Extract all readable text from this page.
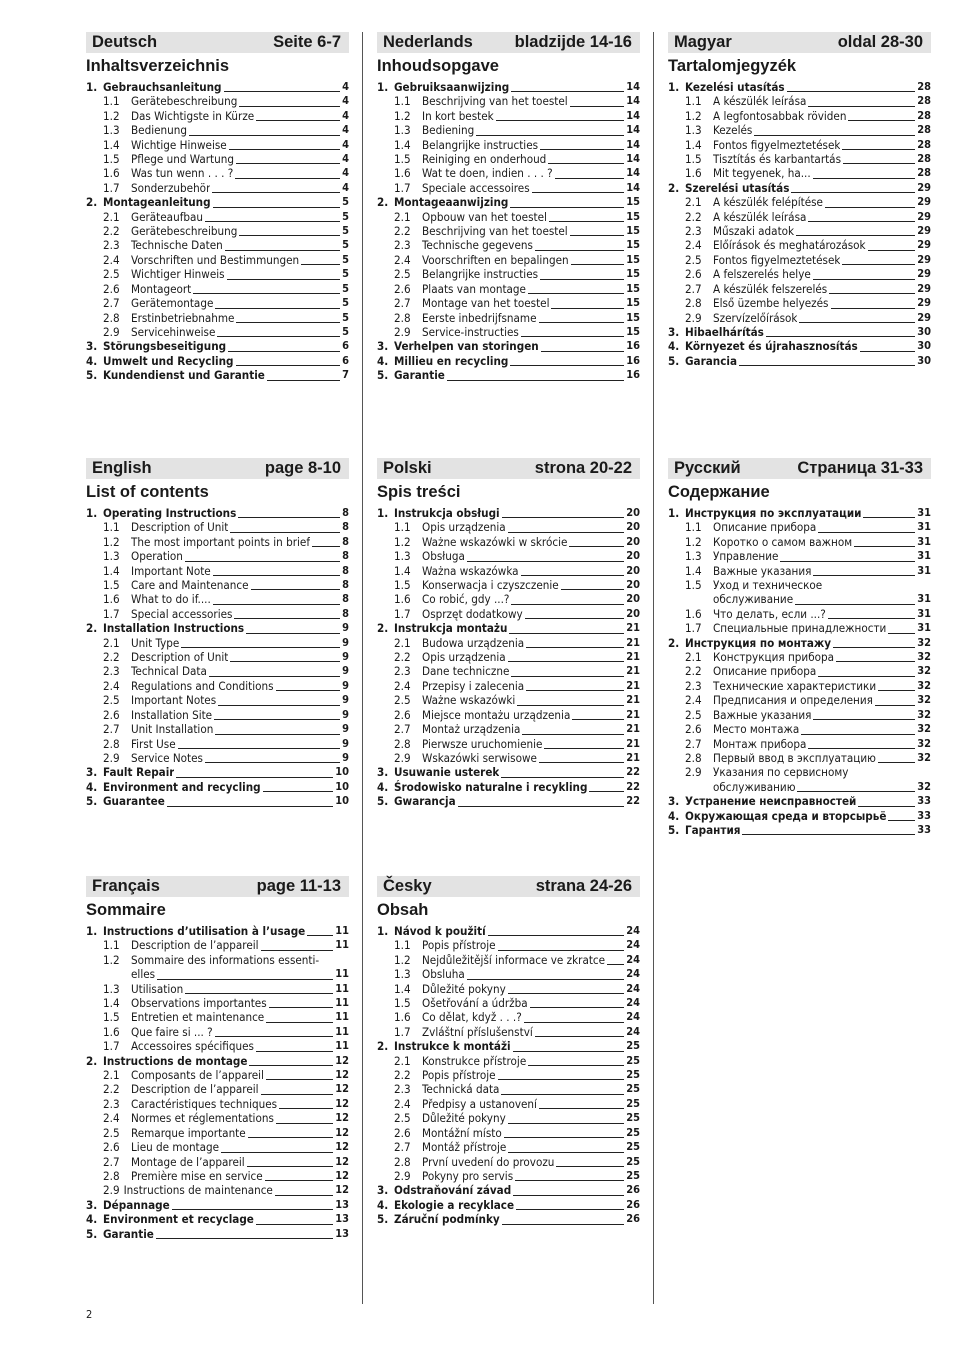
Deutsch	Seite 6-7
Inhaltsverzeichnis
1. Gebrauchsanleitung	4
1.1 Gerätebeschreibung	4
1.2 Das Wichtigste in Kürze	4
1.3 Bedienung	4
1.4 Wichtige Hinweise	4
1.5 Pflege und Wartung	4
1.6 Was tun wenn . . . ?	4
1.7 Sonderzubehör	4
2. Montageanleitung	5
2.1 Geräteaufbau	5
2.2 Gerätebeschreibung	5
2.3 Technische Daten	5
2.4 Vorschriften und Bestimmungen	5
2.5 Wichtiger Hinweis	5
2.6 Montageort	5
2.7 Gerätemontage	5
2.8 Erstinbetriebnahme	5
2.9 Servicehinweise	5
3. Störungsbeseitigung	6
4. Umwelt und Recycling	6
5. Kundendienst und Garantie	7
Nederlands	bladzijde 14-16
Inhoudsopgave
1. Gebruiksaanwijzing	14
1.1 Beschrijving van het toestel	14
1.2 In kort bestek	14
1.3 Bediening	14
1.4 Belangrijke instructies	14
1.5 Reiniging en onderhoud	14
1.6 Wat te doen, indien . . . ?	14
1.7 Speciale accessoires	14
2. Montageaanwijzing	15
2.1 Opbouw van het toestel	15
2.2 Beschrijving van het toestel	15
2.3 Technische gegevens	15
2.4 Voorschriften en bepalingen	15
2.5 Belangrijke instructies	15
2.6 Plaats van montage	15
2.7 Montage van het toestel	15
2.8 Eerste inbedrijfsname	15
2.9 Service-instructies	15
3. Verhelpen van storingen	16
4. Millieu en recycling	16
5. Garantie	16
Magyar	oldal 28-30
Tartalomjegyzék
1. Kezelési utasítás	28
1.1 A készülék leírása	28
1.2 A legfontosabbak röviden	28
1.3 Kezelés	28
1.4 Fontos figyelmeztetések	28
1.5 Tisztítás és karbantartás	28
1.6 Mit tegyenek, ha...	28
2. Szerelési utasítás	29
2.1 A készülék felépítése	29
2.2 A készülék leírása	29
2.3 Műszaki adatok	29
2.4 Előírások és meghatározások	29
2.5 Fontos figyelmeztetések	29
2.6 A felszerelés helye	29
2.7 A készülék felszerelés	29
2.8 Első üzembe helyezés	29
2.9 Szervízelőírások	29
3. Hibaelhárítás	30
4. Környezet és újrahasznosítás	30
5. Garancia	30
English	page 8-10
List of contents
1. Operating Instructions	8
1.1 Description of Unit	8
1.2 The most important points in brief	8
1.3 Operation	8
1.4 Important Note	8
1.5 Care and Maintenance	8
1.6 What to do if....	8
1.7 Special accessories	8
2. Installation Instructions	9
2.1 Unit Type	9
2.2 Description of Unit	9
2.3 Technical Data	9
2.4 Regulations and Conditions	9
2.5 Important Notes	9
2.6 Installation Site	9
2.7 Unit Installation	9
2.8 First Use	9
2.9 Service Notes	9
3. Fault Repair	10
4. Environment and recycling	10
5. Guarantee	10
Polski	strona 20-22
Spis treści
1. Instrukcja obsługi	20
1.1 Opis urządzenia	20
1.2 Ważne wskazówki w skrócie	20
1.3 Obsługa	20
1.4 Ważna wskazówka	20
1.5 Konserwacja i czyszczenie	20
1.6 Co robić, gdy ...?	20
1.7 Osprzęt dodatkowy	20
2. Instrukcja montażu	21
2.1 Budowa urządzenia	21
2.2 Opis urządzenia	21
2.3 Dane techniczne	21
2.4 Przepisy i zalecenia	21
2.5 Ważne wskazówki	21
2.6 Miejsce montażu urządzenia	21
2.7 Montaż urządzenia	21
2.8 Pierwsze uruchomienie	21
2.9 Wskazówki serwisowe	21
3. Usuwanie usterek	22
4. Środowisko naturalne i recykling	22
5. Gwarancja	22
Русский	Страница 31-33
Содержание
1. Инструкция по эксплуатации	31
1.1 Описание прибора	31
1.2 Коротко о самом важном	31
1.3 Управление	31
1.4 Важные указания	31
1.5 Уход и техническое
обслуживание	31
1.6 Что делать, если ...?	31
1.7 Специальные принадлежности	31
2. Инструкция по монтажу	32
2.1 Конструкция прибора	32
2.2 Описание прибора	32
2.3 Технические характеристики	32
2.4 Предписания и определения	32
2.5 Важные указания	32
2.6 Место монтажа	32
2.7 Монтаж прибора	32
2.8 Первый ввод в эксплуатацию	32
2.9 Указания по сервисному
обслуживанию	32
3. Устранение неисправностей	33
4. Окружающая среда и вторсырьё	33
5. Гарантия	33
Français	page 11-13
Sommaire
1. Instructions d’utilisation à l’usage	11
1.1 Description de l’appareil	11
1.2 Sommaire des informations essenti-
elles	11
1.3 Utilisation	11
1.4 Observations importantes	11
1.5 Entretien et maintenance	11
1.6 Que faire si ... ?	11
1.7 Accessoires spécifiques	11
2. Instructions de montage	12
2.1 Composants de l’appareil	12
2.2 Description de l’appareil	12
2.3 Caractéristiques techniques	12
2.4 Normes et réglementations	12
2.5 Remarque importante	12
2.6 Lieu de montage	12
2.7 Montage de l’appareil	12
2.8 Première mise en service	12
2.9 Instructions de maintenance	12
3. Dépannage	13
4. Environment et recyclage	13
5. Garantie	13
Česky	strana 24-26
Obsah
1. Návod k použití	24
1.1 Popis přístroje	24
1.2 Nejdůležitější informace ve zkratce 24
1.3 Obsluha	24
1.4 Důležité pokyny	24
1.5 Ošetřování a údržba	24
1.6 Co dělat, když . . .?	24
1.7 Zvláštní příslušenství	24
2. Instrukce k montáži	25
2.1 Konstrukce přístroje	25
2.2 Popis přístroje	25
2.3 Technická data	25
2.4 Předpisy a ustanovení	25
2.5 Důležité pokyny	25
2.6 Montážní místo	25
2.7 Montáž přístroje	25
2.8 První uvedení do provozu	25
2.9 Pokyny pro servis	25
3. Odstraňování závad	26
4. Ekologie a recyklace	26
5. Záruční podmínky	26
2
